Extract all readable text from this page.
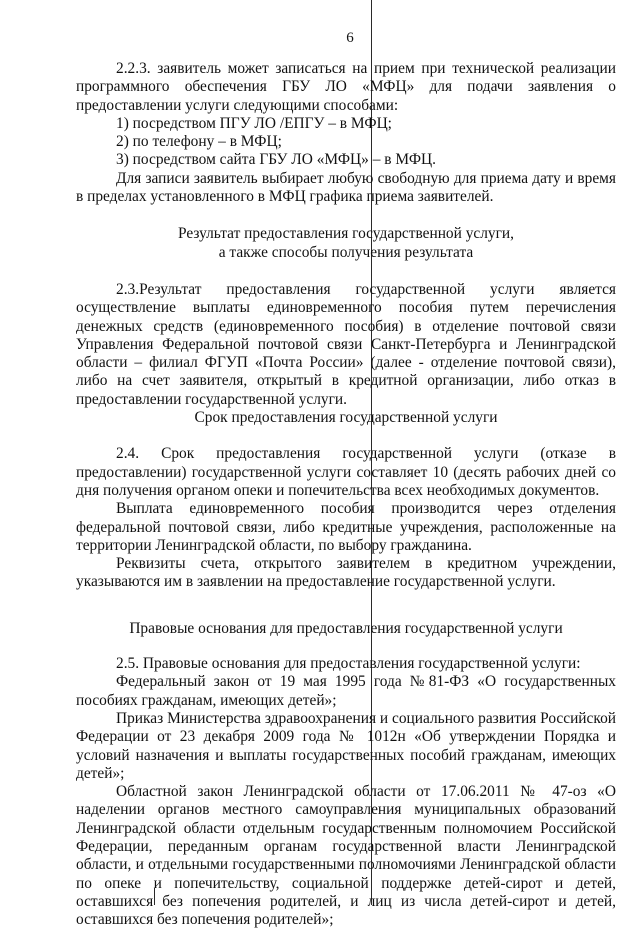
6

2.2.3. заявитель может записаться на прием при технической реализации программного обеспечения ГБУ ЛО «МФЦ» для подачи заявления о предоставлении услуги следующими способами:

1) посредством ПГУ ЛО /ЕПГУ – в МФЦ;

2) по телефону – в МФЦ;

3) посредством сайта ГБУ ЛО «МФЦ» – в МФЦ.

Для записи заявитель выбирает любую свободную для приема дату и время в пределах установленного в МФЦ графика приема заявителей.

Результат предоставления государственной услуги,

а также способы получения результата

2.3.Результат предоставления государственной услуги является осуществление выплаты единовременного пособия путем перечисления денежных средств (единовременного пособия) в отделение почтовой связи Управления Федеральной почтовой связи Санкт-Петербурга и Ленинградской области – филиал ФГУП «Почта России» (далее - отделение почтовой связи), либо на счет заявителя, открытый в кредитной организации, либо отказ в предоставлении государственной услуги.

Срок предоставления государственной услуги

2.4. Срок предоставления государственной услуги (отказе в предоставлении) государственной услуги составляет 10 (десять рабочих дней со дня получения органом опеки и попечительства всех необходимых документов.

Выплата единовременного пособия производится через отделения федеральной почтовой связи, либо кредитные учреждения, расположенные на территории Ленинградской области, по выбору гражданина.

Реквизиты счета, открытого заявителем в кредитном учреждении, указываются им в заявлении на предоставление государственной услуги.

Правовые основания для предоставления государственной услуги

2.5. Правовые основания для предоставления государственной услуги:

Федеральный закон от 19 мая 1995 года №81-ФЗ «О государственных пособиях гражданам, имеющих детей»;

Приказ Министерства здравоохранения и социального развития Российской Федерации от 23 декабря 2009 года № 1012н «Об утверждении Порядка и условий назначения и выплаты государственных пособий гражданам, имеющих детей»;

Областной закон Ленинградской области от 17.06.2011 № 47-оз «О наделении органов местного самоуправления муниципальных образований Ленинградской области отдельным государственным полномочием Российской Федерации, переданным органам государственной власти Ленинградской области, и отдельными государственными полномочиями Ленинградской области по опеке и попечительству, социальной поддержке детей-сирот и детей, оставшихся без попечения родителей, и лиц из числа детей-сирот и детей, оставшихся без попечения родителей»;
